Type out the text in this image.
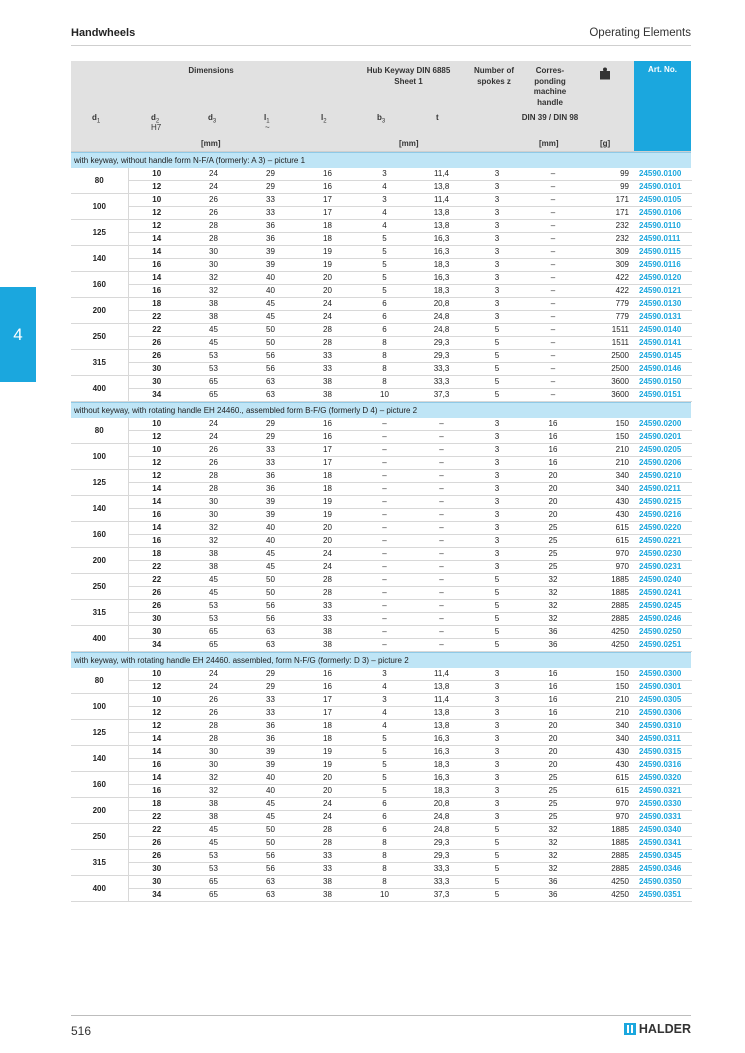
Handwheels	Operating Elements
4
Dimensions	Hub Keyway DIN 6885 Sheet 1
Number of spokes z
Corres-ponding machine handle
Art. No.
$d_1$	$d_2$
H7
$d_3$	$l_1$
~
$l_2$	$b_3$	t	DIN 39 / DIN 98
[mm]	[mm]	[mm]	[g]
with keyway, without handle form N-F/A (formerly: A 3) – picture 1
80	10	24	29	16	3	11,4	3	–	99	24590.0100
	12	24	29	16	4	13,8	3	–	99	24590.0101
100	10	26	33	17	3	11,4	3	–	171	24590.0105
	12	26	33	17	4	13,8	3	–	171	24590.0106
125	12	28	36	18	4	13,8	3	–	232	24590.0110
	14	28	36	18	5	16,3	3	–	232	24590.0111
140	14	30	39	19	5	16,3	3	–	309	24590.0115
	16	30	39	19	5	18,3	3	–	309	24590.0116
160	14	32	40	20	5	16,3	3	–	422	24590.0120
	16	32	40	20	5	18,3	3	–	422	24590.0121
200	18	38	45	24	6	20,8	3	–	779	24590.0130
	22	38	45	24	6	24,8	3	–	779	24590.0131
250	22	45	50	28	6	24,8	5	–	1511	24590.0140
	26	45	50	28	8	29,3	5	–	1511	24590.0141
315	26	53	56	33	8	29,3	5	–	2500	24590.0145
	30	53	56	33	8	33,3	5	–	2500	24590.0146
400	30	65	63	38	8	33,3	5	–	3600	24590.0150
	34	65	63	38	10	37,3	5	–	3600	24590.0151
without keyway, with rotating handle EH 24460., assembled form B-F/G (formerly D 4) – picture 2
80	10	24	29	16	–	–	3	16	150	24590.0200
	12	24	29	16	–	–	3	16	150	24590.0201
100	10	26	33	17	–	–	3	16	210	24590.0205
	12	26	33	17	–	–	3	16	210	24590.0206
125	12	28	36	18	–	–	3	20	340	24590.0210
	14	28	36	18	–	–	3	20	340	24590.0211
140	14	30	39	19	–	–	3	20	430	24590.0215
	16	30	39	19	–	–	3	20	430	24590.0216
160	14	32	40	20	–	–	3	25	615	24590.0220
	16	32	40	20	–	–	3	25	615	24590.0221
200	18	38	45	24	–	–	3	25	970	24590.0230
	22	38	45	24	–	–	3	25	970	24590.0231
250	22	45	50	28	–	–	5	32	1885	24590.0240
	26	45	50	28	–	–	5	32	1885	24590.0241
315	26	53	56	33	–	–	5	32	2885	24590.0245
	30	53	56	33	–	–	5	32	2885	24590.0246
400	30	65	63	38	–	–	5	36	4250	24590.0250
	34	65	63	38	–	–	5	36	4250	24590.0251
with keyway, with rotating handle EH 24460. assembled, form N-F/G (formerly: D 3) – picture 2
80	10	24	29	16	3	11,4	3	16	150	24590.0300
	12	24	29	16	4	13,8	3	16	150	24590.0301
100	10	26	33	17	3	11,4	3	16	210	24590.0305
	12	26	33	17	4	13,8	3	16	210	24590.0306
125	12	28	36	18	4	13,8	3	20	340	24590.0310
	14	28	36	18	5	16,3	3	20	340	24590.0311
140	14	30	39	19	5	16,3	3	20	430	24590.0315
	16	30	39	19	5	18,3	3	20	430	24590.0316
160	14	32	40	20	5	16,3	3	25	615	24590.0320
	16	32	40	20	5	18,3	3	25	615	24590.0321
200	18	38	45	24	6	20,8	3	25	970	24590.0330
	22	38	45	24	6	24,8	3	25	970	24590.0331
250	22	45	50	28	6	24,8	5	32	1885	24590.0340
	26	45	50	28	8	29,3	5	32	1885	24590.0341
315	26	53	56	33	8	29,3	5	32	2885	24590.0345
	30	53	56	33	8	33,3	5	32	2885	24590.0346
400	30	65	63	38	8	33,3	5	36	4250	24590.0350
	34	65	63	38	10	37,3	5	36	4250	24590.0351
516	HALDER
